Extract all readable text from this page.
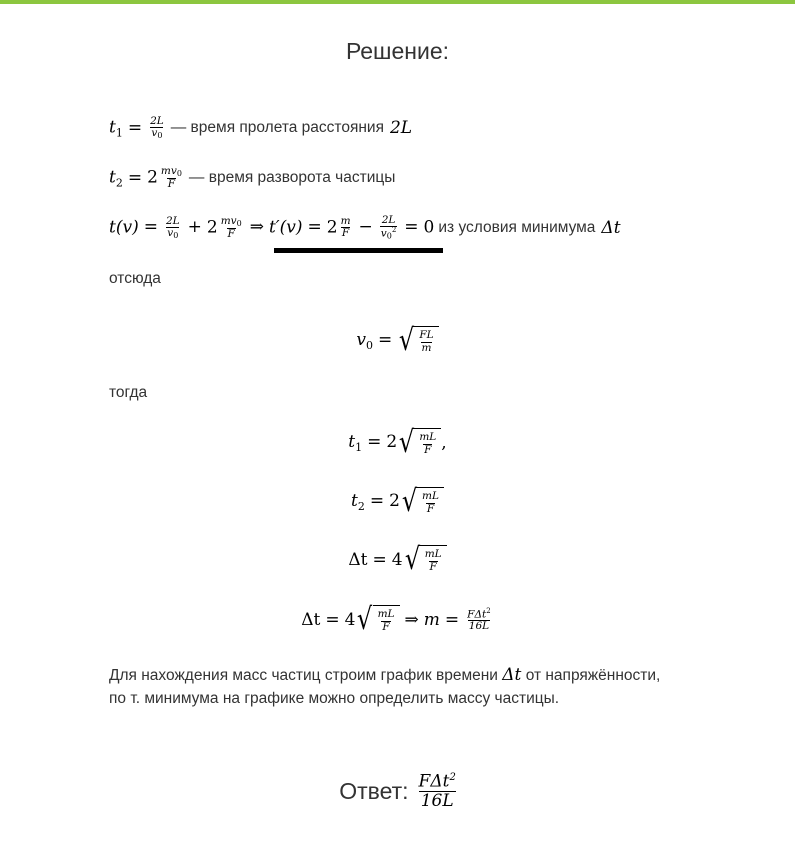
Решение:
$t_1 = \frac{2L}{v_0}$ — время пролета расстояния 2L
$t_2 = 2 \frac{mv0}{F}$ — время разворота частицы
$t(v) = \frac{2L}{v0} + 2 \frac{mv0}{F}$ ⇒ $t'(v) = 2 \frac{m}{F} - \frac{2L}{v0^2} = 0$ из условия минимума Δt
отсюда
$v_0$ = √ $\frac{FL}{m}$
тогда
$t_1 = 2$ √ $\frac{mL}{F}$ ,
$t_2 = 2$ √ $\frac{mL}{F}$
Δt = 4 √ $\frac{mL}{F}$
Δt = 4 √ $\frac{mL}{F}$ ⇒ $m = \frac{F\Delta t^2}{16L}$
Для нахождения масс частиц строим график времени Δt от напряжённости,
по т. минимума на графике можно определить массу частицы.
Ответ: FΔt$^2$
16L
